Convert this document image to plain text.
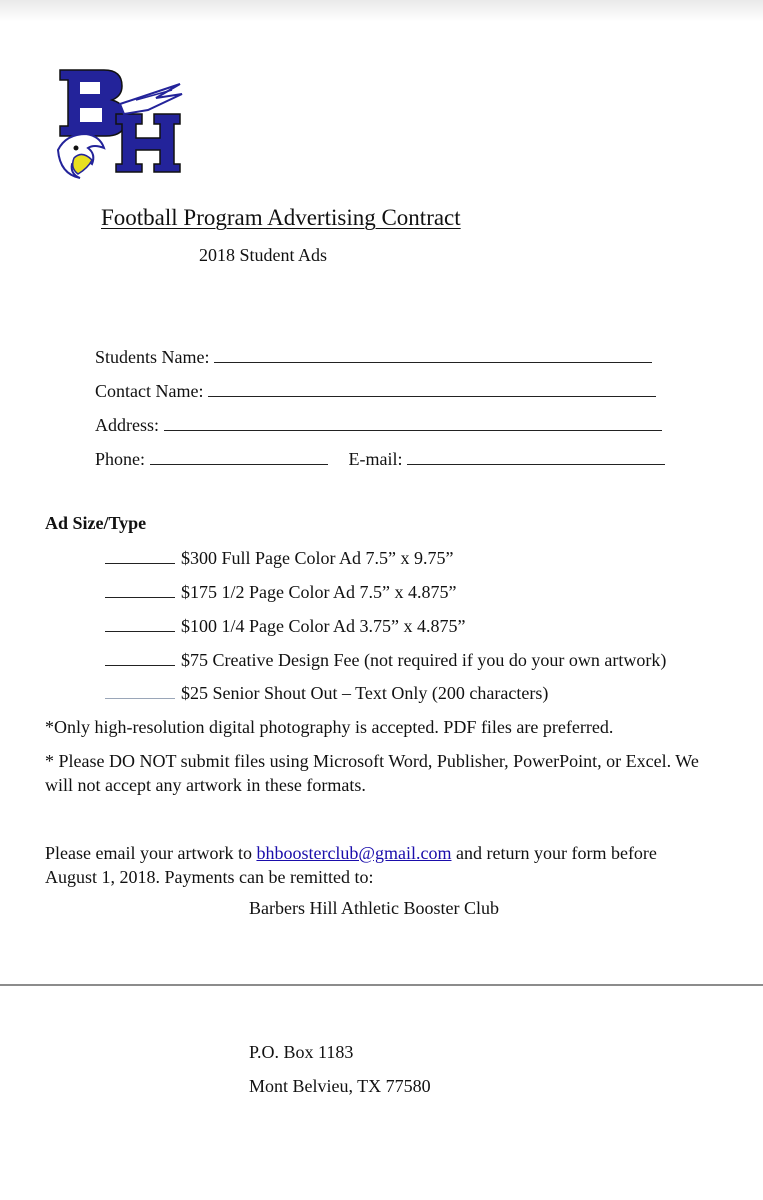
Football Program Advertising Contract
2018 Student Ads
Students Name:
Contact Name:
Address:
Phone:	E-mail:
Ad Size/Type
$300 Full Page Color Ad 7.5” x 9.75”
$175 1/2 Page Color Ad 7.5” x 4.875”
$100 1/4 Page Color Ad 3.75” x 4.875”
$75 Creative Design Fee (not required if you do your own artwork)
$25 Senior Shout Out – Text Only (200 characters)
*Only high-resolution digital photography is accepted. PDF files are preferred.
* Please DO NOT submit files using Microsoft Word, Publisher, PowerPoint, or Excel. We will not accept any artwork in these formats.
Please email your artwork to bhboosterclub@gmail.com and return your form before August 1, 2018. Payments can be remitted to:
Barbers Hill Athletic Booster Club
P.O. Box 1183
Mont Belvieu, TX 77580
